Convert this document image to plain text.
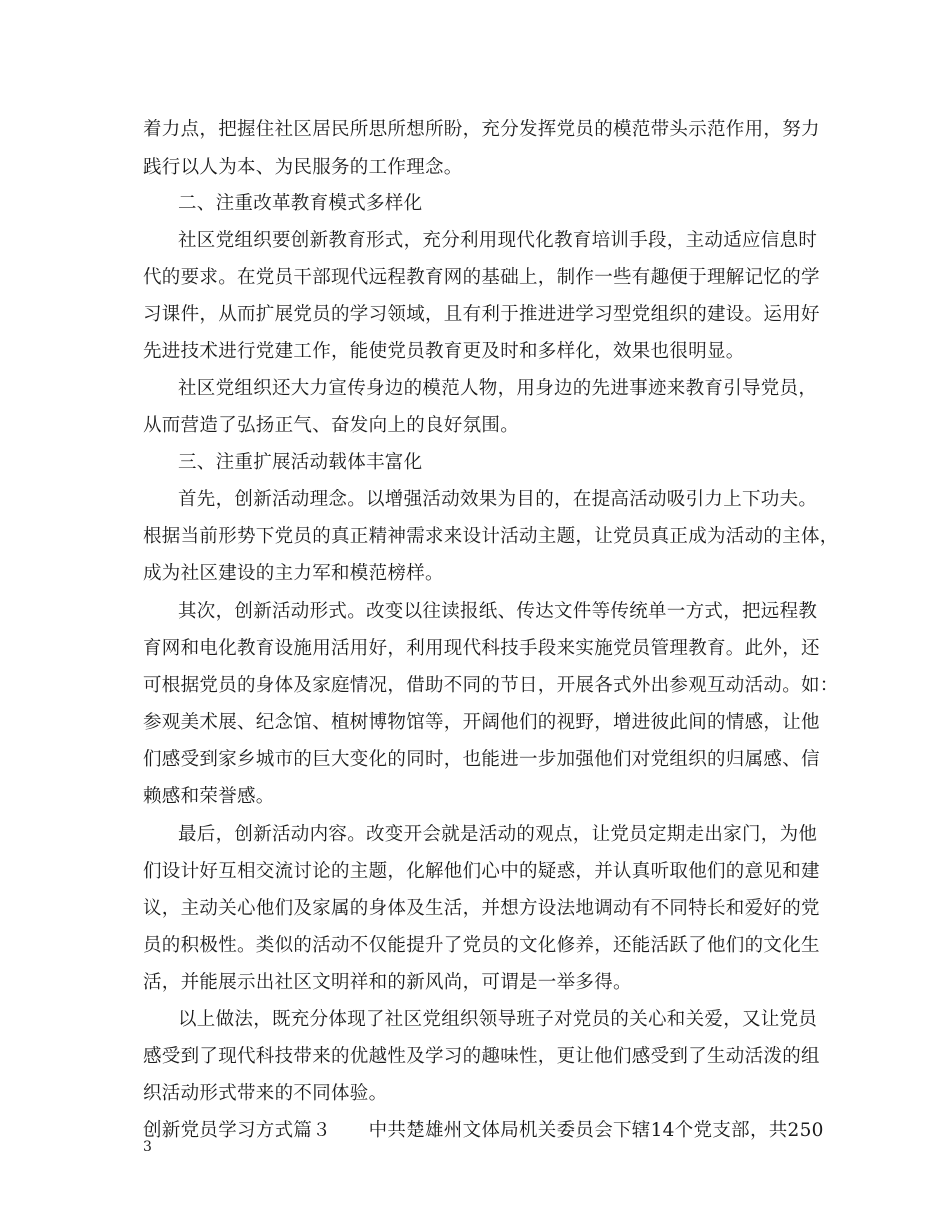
着力点，把握住社区居民所思所想所盼，充分发挥党员的模范带头示范作用，努力
践行以人为本、为民服务的工作理念。
二、注重改革教育模式多样化
社区党组织要创新教育形式，充分利用现代化教育培训手段，主动适应信息时
代的要求。在党员干部现代远程教育网的基础上，制作一些有趣便于理解记忆的学
习课件，从而扩展党员的学习领域，且有利于推进进学习型党组织的建设。运用好
先进技术进行党建工作，能使党员教育更及时和多样化，效果也很明显。
社区党组织还大力宣传身边的模范人物，用身边的先进事迹来教育引导党员，
从而营造了弘扬正气、奋发向上的良好氛围。
三、注重扩展活动载体丰富化
首先，创新活动理念。以增强活动效果为目的，在提高活动吸引力上下功夫。
根据当前形势下党员的真正精神需求来设计活动主题，让党员真正成为活动的主体，
成为社区建设的主力军和模范榜样。
其次，创新活动形式。改变以往读报纸、传达文件等传统单一方式，把远程教
育网和电化教育设施用活用好，利用现代科技手段来实施党员管理教育。此外，还
可根据党员的身体及家庭情况，借助不同的节日，开展各式外出参观互动活动。如：
参观美术展、纪念馆、植树博物馆等，开阔他们的视野，增进彼此间的情感，让他
们感受到家乡城市的巨大变化的同时，也能进一步加强他们对党组织的归属感、信
赖感和荣誉感。
最后，创新活动内容。改变开会就是活动的观点，让党员定期走出家门，为他
们设计好互相交流讨论的主题，化解他们心中的疑惑，并认真听取他们的意见和建
议，主动关心他们及家属的身体及生活，并想方设法地调动有不同特长和爱好的党
员的积极性。类似的活动不仅能提升了党员的文化修养，还能活跃了他们的文化生
活，并能展示出社区文明祥和的新风尚，可谓是一举多得。
以上做法，既充分体现了社区党组织领导班子对党员的关心和关爱，又让党员
感受到了现代科技带来的优越性及学习的趣味性，更让他们感受到了生动活泼的组
织活动形式带来的不同体验。
创新党员学习方式篇３　　中共楚雄州文体局机关委员会下辖14个党支部，共250
3
